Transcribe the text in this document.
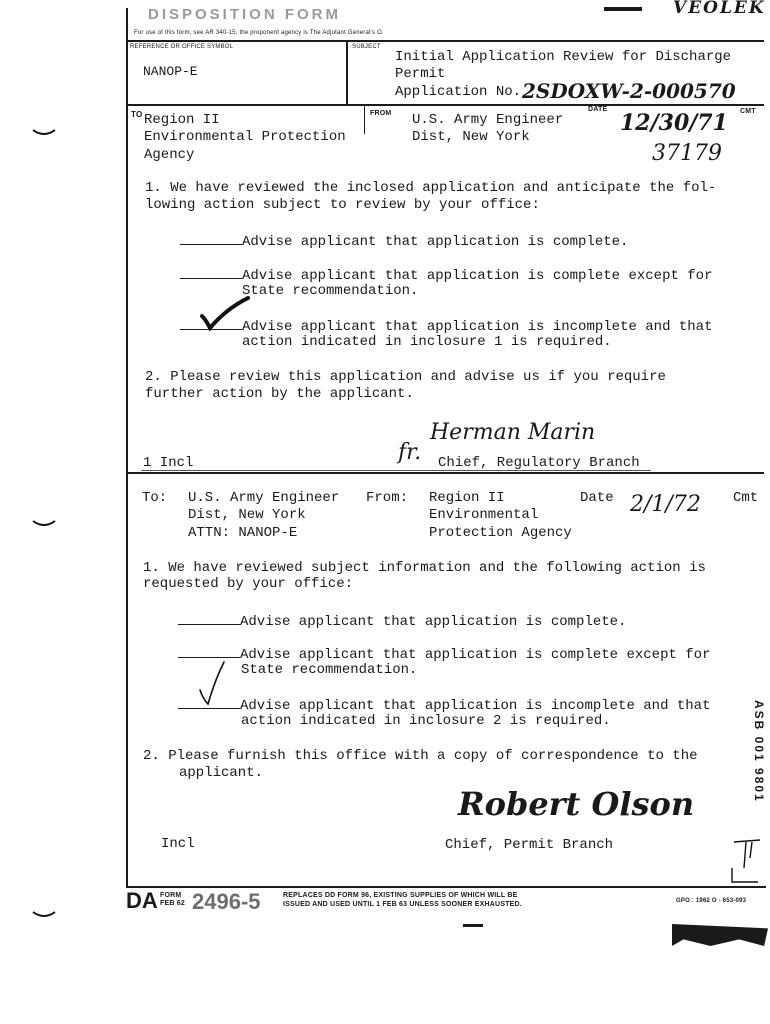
DISPOSITION FORM
For use of this form, see AR 340-15; the proponent agency is The Adjutant General's O.
VEOLEK
REFERENCE OR OFFICE SYMBOL
NANOP-E
SUBJECT
Initial Application Review for Discharge
Permit
Application No. 2SDOXW-2-000570
TO Region II
Environmental Protection
Agency
FROM U.S. Army Engineer
Dist, New York
DATE
12/30/71 CMT
37179
1. We have reviewed the inclosed application and anticipate the fol-
lowing action subject to review by your office:
Advise applicant that application is complete.
Advise applicant that application is complete except for
State recommendation.
Advise applicant that application is incomplete and that
action indicated in inclosure 1 is required.
2. Please review this application and advise us if you require
further action by the applicant.
Herman Marin
fr.
1 Incl	Chief, Regulatory Branch
To: U.S. Army Engineer
Dist, New York
ATTN: NANOP-E
From: Region II
Environmental
Protection Agency
Date 2/1/72 Cmt
1. We have reviewed subject information and the following action is
requested by your office:
Advise applicant that application is complete.
Advise applicant that application is complete except for
State recommendation.
Advise applicant that application is incomplete and that
action indicated in inclosure 2 is required.
2. Please furnish this office with a copy of correspondence to the
applicant.
Robert Olson
Incl	Chief, Permit Branch
ASB 001 9801
DA FORM
FEB 62 2496-5	REPLACES DD FORM 96, EXISTING SUPPLIES OF WHICH WILL BE
ISSUED AND USED UNTIL 1 FEB 63 UNLESS SOONER EXHAUSTED.	GPO : 1962 O - 653-093
